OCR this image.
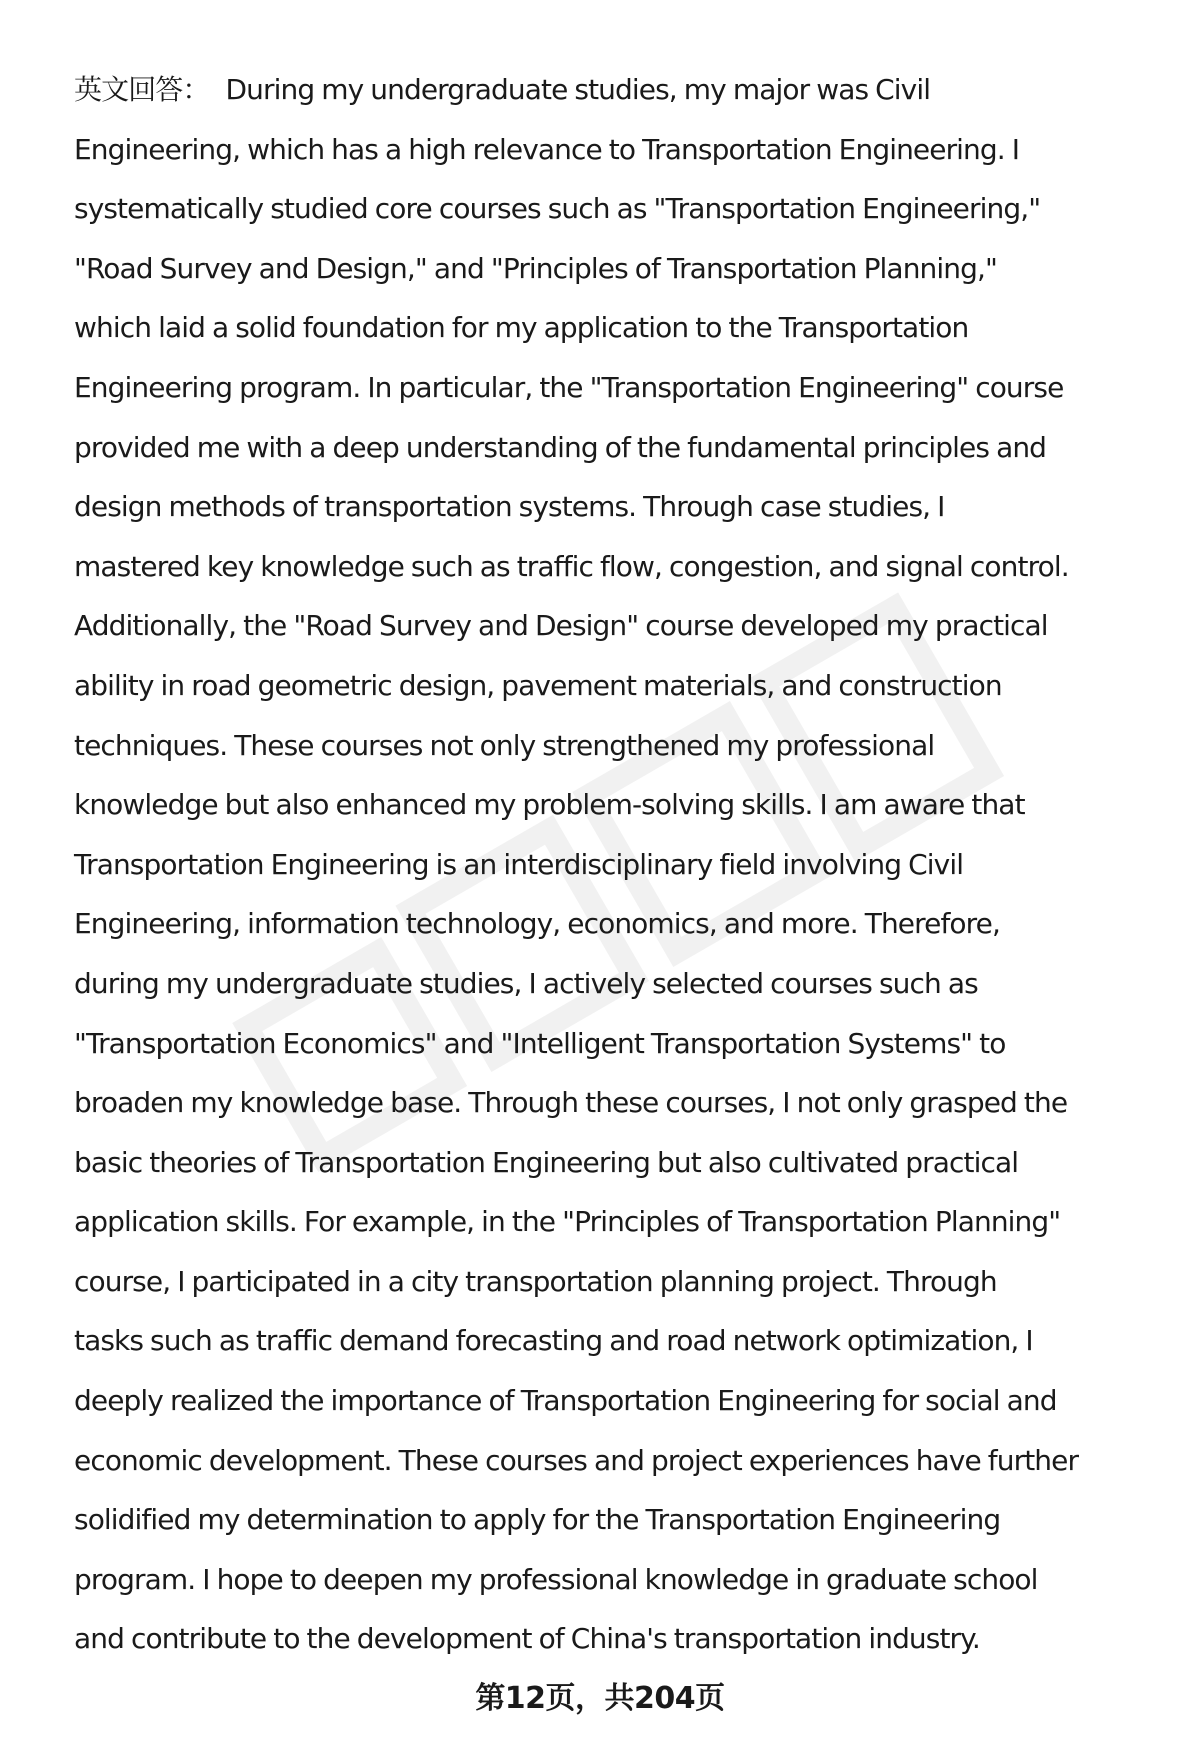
英文回答： During my undergraduate studies, my major was Civil
Engineering, which has a high relevance to Transportation Engineering. I
systematically studied core courses such as "Transportation Engineering,"
"Road Survey and Design," and "Principles of Transportation Planning,"
which laid a solid foundation for my application to the Transportation
Engineering program. In particular, the "Transportation Engineering" course
provided me with a deep understanding of the fundamental principles and
design methods of transportation systems. Through case studies, I
mastered key knowledge such as traffic flow, congestion, and signal control.
Additionally, the "Road Survey and Design" course developed my practical
ability in road geometric design, pavement materials, and construction
techniques. These courses not only strengthened my professional
knowledge but also enhanced my problem-solving skills. I am aware that
Transportation Engineering is an interdisciplinary field involving Civil
Engineering, information technology, economics, and more. Therefore,
during my undergraduate studies, I actively selected courses such as
"Transportation Economics" and "Intelligent Transportation Systems" to
broaden my knowledge base. Through these courses, I not only grasped the
basic theories of Transportation Engineering but also cultivated practical
application skills. For example, in the "Principles of Transportation Planning"
course, I participated in a city transportation planning project. Through
tasks such as traffic demand forecasting and road network optimization, I
deeply realized the importance of Transportation Engineering for social and
economic development. These courses and project experiences have further
solidified my determination to apply for the Transportation Engineering
program. I hope to deepen my professional knowledge in graduate school
and contribute to the development of China's transportation industry.

第12页，共204页
